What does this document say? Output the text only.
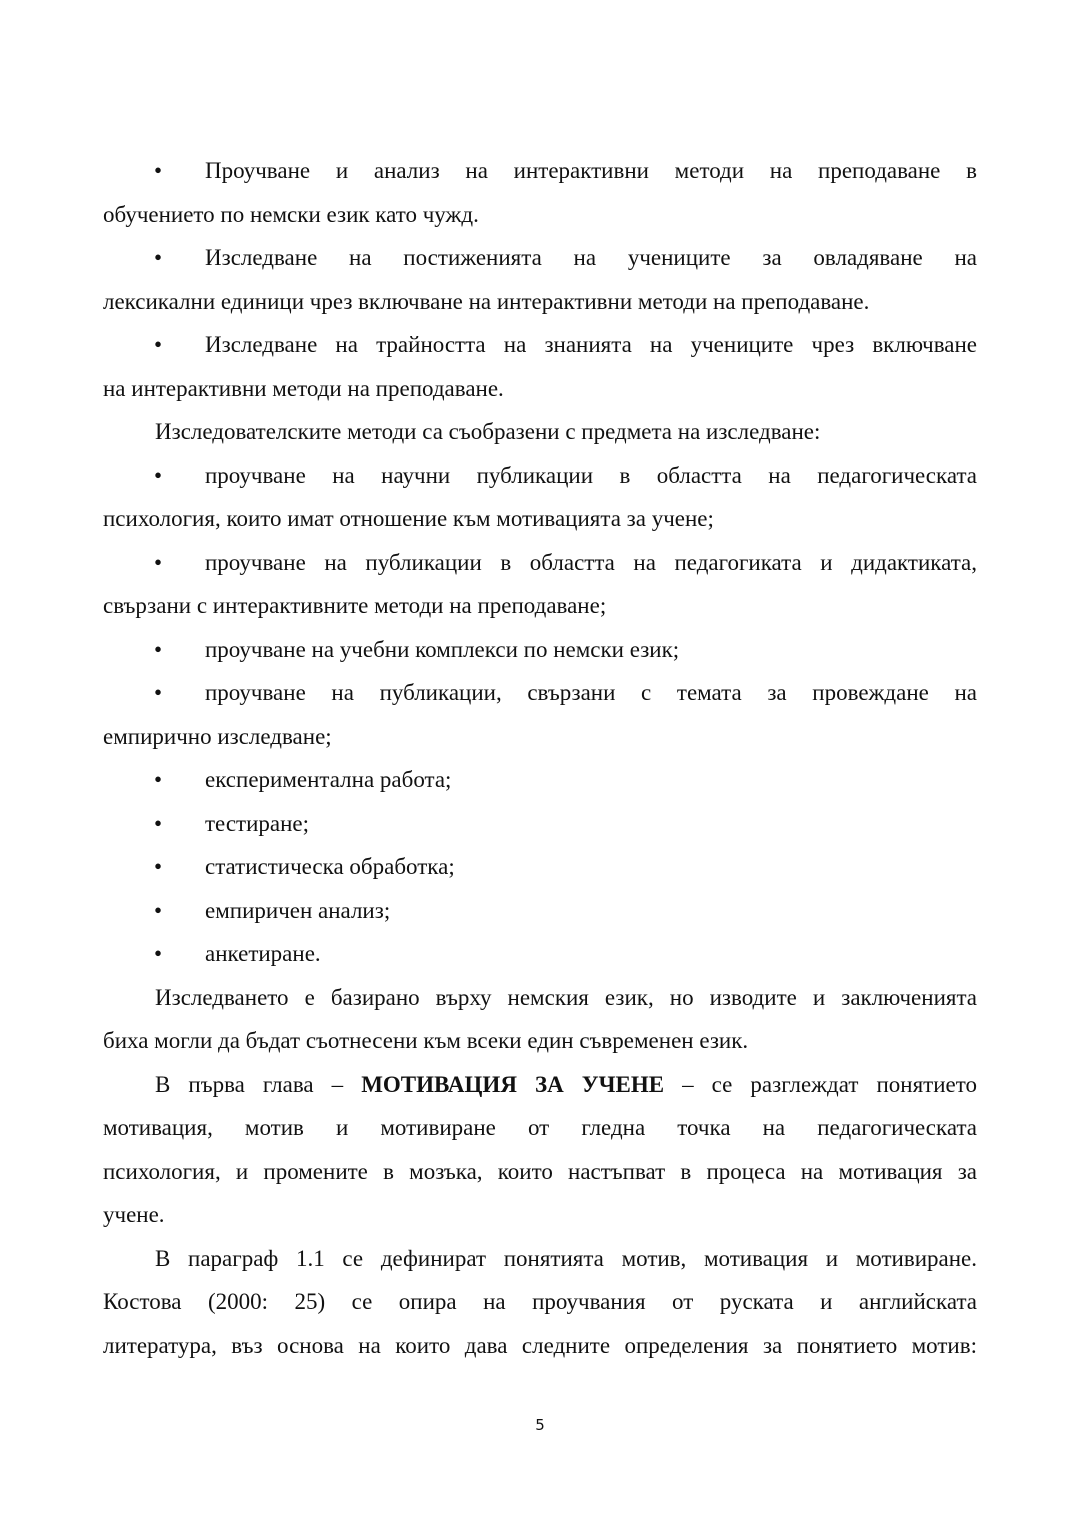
• Проучване и анализ на интерактивни методи на преподаване в
обучението по немски език като чужд.
• Изследване на постиженията на учениците за овладяване на
лексикални единици чрез включване на интерактивни методи на преподаване.
• Изследване на трайността на знанията на учениците чрез включване
на интерактивни методи на преподаване.
Изследователските методи са съобразени с предмета на изследване:
• проучване на научни публикации в областта на педагогическата
психология, които имат отношение към мотивацията за учене;
• проучване на публикации в областта на педагогиката и дидактиката,
свързани с интерактивните методи на преподаване;
• проучване на учебни комплекси по немски език;
• проучване на публикации, свързани с темата за провеждане на
емпирично изследване;
• експериментална работа;
• тестиране;
• статистическа обработка;
• емпиричен анализ;
• анкетиране.
Изследването е базирано върху немския език, но изводите и заключенията
биха могли да бъдат съотнесени към всеки един съвременен език.
В първа глава – МОТИВАЦИЯ ЗА УЧЕНЕ – се разглеждат понятието
мотивация, мотив и мотивиране от гледна точка на педагогическата
психология, и промените в мозъка, които настъпват в процеса на мотивация за
учене.
В параграф 1.1 се дефинират понятията мотив, мотивация и мотивиране.
Костова (2000: 25) се опира на проучвания от руската и английската
литература, въз основа на които дава следните определения за понятието мотив:
5
